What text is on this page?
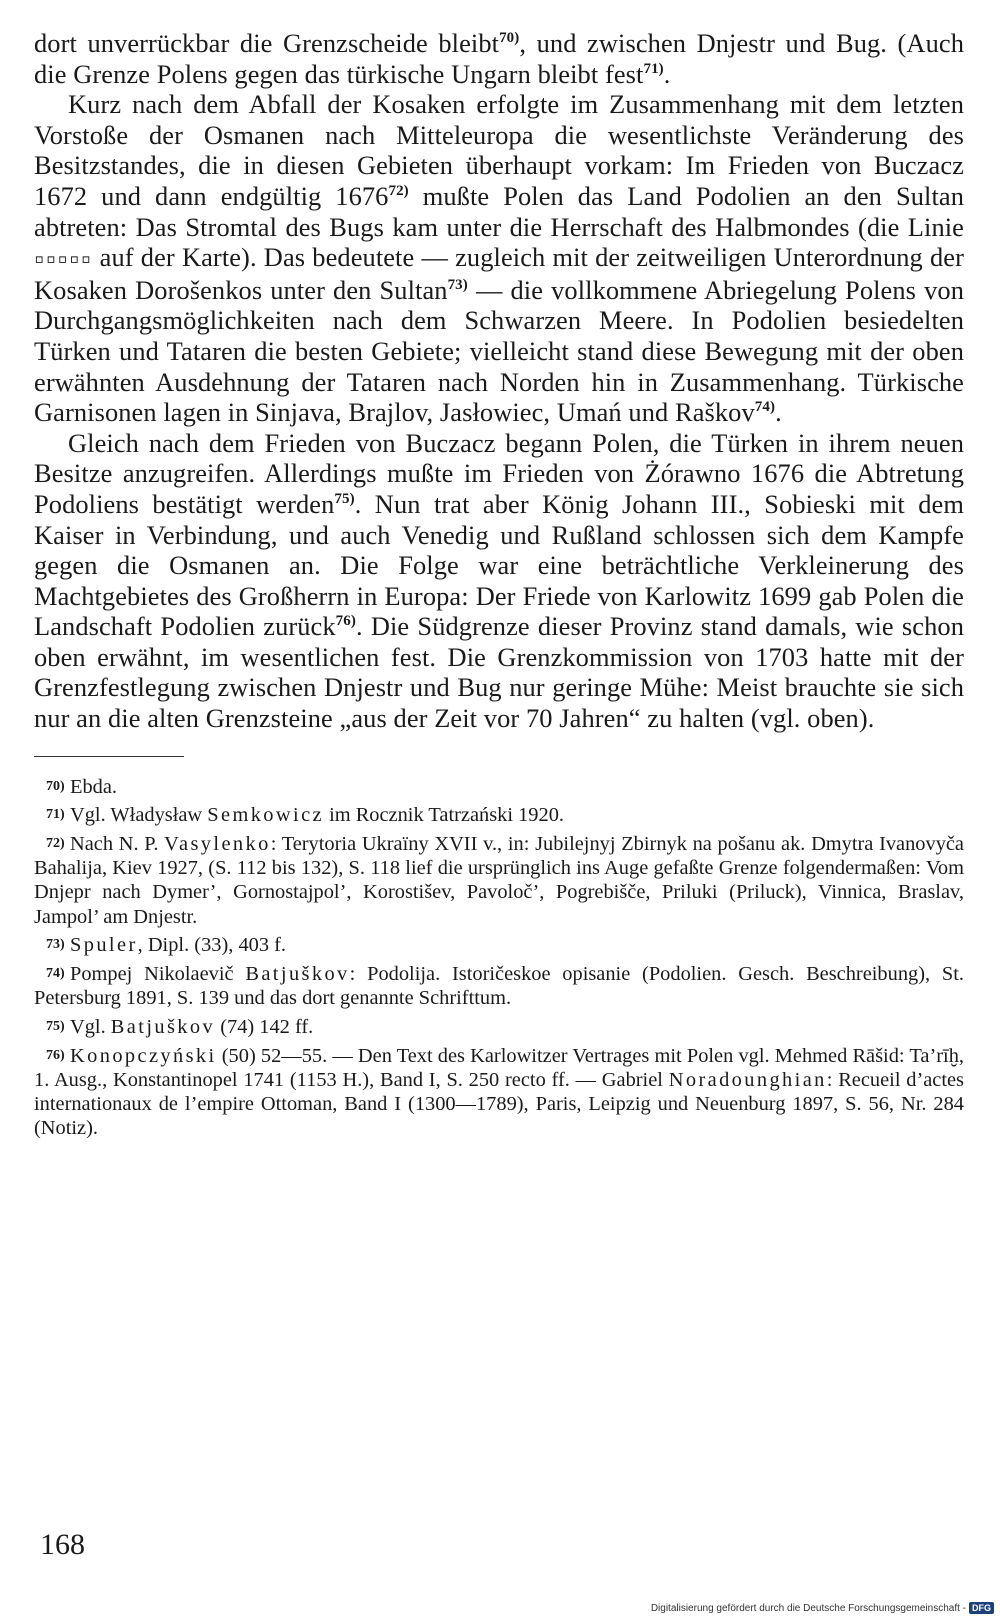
dort unverrückbar die Grenzscheide bleibt$^{70)}$, und zwischen Dnjestr und Bug. (Auch die Grenze Polens gegen das türkische Ungarn bleibt fest$^{71)}$.

Kurz nach dem Abfall der Kosaken erfolgte im Zusammenhang mit dem letzten Vorstoße der Osmanen nach Mitteleuropa die wesentlichste Veränderung des Besitzstandes, die in diesen Gebieten überhaupt vorkam: Im Frieden von Buczacz 1672 und dann endgültig 1676$^{72)}$ mußte Polen das Land Podolien an den Sultan abtreten: Das Stromtal des Bugs kam unter die Herrschaft des Halbmondes (die Linie ▫▫▫▫▫ auf der Karte). Das bedeutete — zugleich mit der zeitweiligen Unterordnung der Kosaken Dorošenkos unter den Sultan$^{73)}$ — die vollkommene Abriegelung Polens von Durchgangsmöglichkeiten nach dem Schwarzen Meere. In Podolien besiedelten Türken und Tataren die besten Gebiete; vielleicht stand diese Bewegung mit der oben erwähnten Ausdehnung der Tataren nach Norden hin in Zusammenhang. Türkische Garnisonen lagen in Sinjava, Brajlov, Jasłowiec, Umań und Raškov$^{74)}$.

Gleich nach dem Frieden von Buczacz begann Polen, die Türken in ihrem neuen Besitze anzugreifen. Allerdings mußte im Frieden von Żórawno 1676 die Abtretung Podoliens bestätigt werden$^{75)}$. Nun trat aber König Johann III., Sobieski mit dem Kaiser in Verbindung, und auch Venedig und Rußland schlossen sich dem Kampfe gegen die Osmanen an. Die Folge war eine beträchtliche Verkleinerung des Machtgebietes des Großherrn in Europa: Der Friede von Karlowitz 1699 gab Polen die Landschaft Podolien zurück$^{76)}$. Die Südgrenze dieser Provinz stand damals, wie schon oben erwähnt, im wesentlichen fest. Die Grenzkommission von 1703 hatte mit der Grenzfestlegung zwischen Dnjestr und Bug nur geringe Mühe: Meist brauchte sie sich nur an die alten Grenzsteine „aus der Zeit vor 70 Jahren“ zu halten (vgl. oben).

70) Ebda.

71) Vgl. Władysław Semkowicz im Rocznik Tatrzański 1920.

72) Nach N. P. Vasylenko: Terytoria Ukraïny XVII v., in: Jubilejnyj Zbirnyk na pošanu ak. Dmytra Ivanovyča Bahalija, Kiev 1927, (S. 112 bis 132), S. 118 lief die ursprünglich ins Auge gefaßte Grenze folgendermaßen: Vom Dnjepr nach Dymer’, Gornostajpol’, Korostišev, Pavoloč’, Pogrebišče, Priluki (Priluck), Vinnica, Braslav, Jampol’ am Dnjestr.

73) Spuler, Dipl. (33), 403 f.

74) Pompej Nikolaevič Batjuškov: Podolija. Istoričeskoe opisanie (Podolien. Gesch. Beschreibung), St. Petersburg 1891, S. 139 und das dort genannte Schrifttum.

75) Vgl. Batjuškov (74) 142 ff.

76) Konopczyński (50) 52—55. — Den Text des Karlowitzer Vertrages mit Polen vgl. Mehmed Rāšid: Ta’rīḫ, 1. Ausg., Konstantinopel 1741 (1153 H.), Band I, S. 250 recto ff. — Gabriel Noradounghian: Recueil d’actes internationaux de l’empire Ottoman, Band I (1300—1789), Paris, Leipzig und Neuenburg 1897, S. 56, Nr. 284 (Notiz).

168
Digitalisierung gefördert durch die Deutsche Forschungsgemeinschaft - DFG
